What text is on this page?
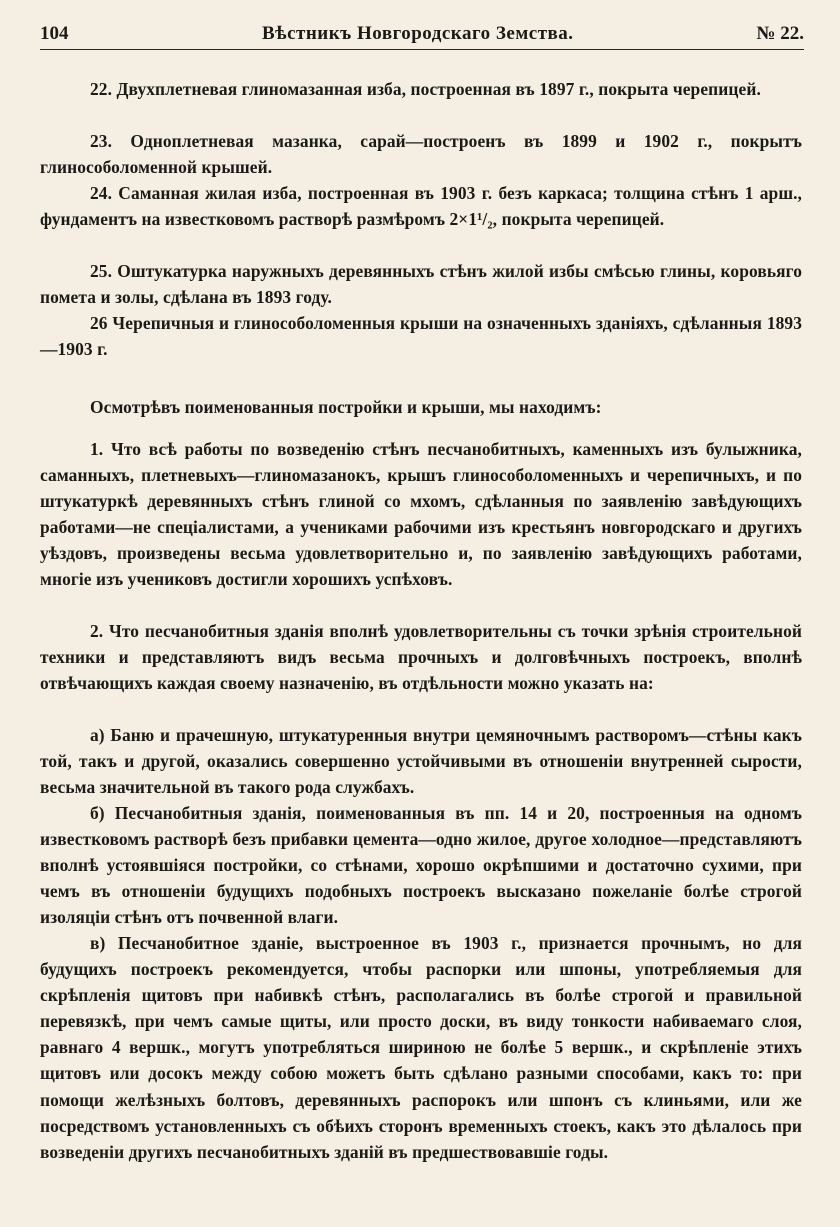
104	Вѣстникъ Новгородскаго Земства.	№ 22.
22. Двухплетневая глиномазанная изба, построенная въ 1897 г., покрыта черепицей.
23. Одноплетневая мазанка, сарай—построенъ въ 1899 и 1902 г., покрытъ глинособоломенной крышей.
24. Саманная жилая изба, построенная въ 1903 г. безъ каркаса; толщина стѣнъ 1 арш., фундаментъ на известковомъ растворѣ размѣромъ 2×1¹/₂, покрыта черепицей.
25. Оштукатурка наружныхъ деревянныхъ стѣнъ жилой избы смѣсью глины, коровьяго помета и золы, сдѣлана въ 1893 году.
26 Черепичныя и глинособоломенныя крыши на означенныхъ зданіяхъ, сдѣланныя 1893—1903 г.
Осмотрѣвъ поименованныя постройки и крыши, мы находимъ:
1. Что всѣ работы по возведенію стѣнъ песчанобитныхъ, каменныхъ изъ булыжника, саманныхъ, плетневыхъ—глиномазанокъ, крышъ глинособоломенныхъ и черепичныхъ, и по штукатуркѣ деревянныхъ стѣнъ глиной со мхомъ, сдѣланныя по заявленію завѣдующихъ работами—не спеціалистами, а учениками рабочими изъ крестьянъ новгородскаго и другихъ уѣздовъ, произведены весьма удовлетворительно и, по заявленію завѣдующихъ работами, многіе изъ учениковъ достигли хорошихъ успѣховъ.
2. Что песчанобитныя зданія вполнѣ удовлетворительны съ точки зрѣнія строительной техники и представляютъ видъ весьма прочныхъ и долговѣчныхъ построекъ, вполнѣ отвѣчающихъ каждая своему назначенію, въ отдѣльности можно указать на:
а) Баню и прачешную, штукатуренныя внутри цемяночнымъ растворомъ—стѣны какъ той, такъ и другой, оказались совершенно устойчивыми въ отношеніи внутренней сырости, весьма значительной въ такого рода службахъ.
б) Песчанобитныя зданія, поименованныя въ пп. 14 и 20, построенныя на одномъ известковомъ растворѣ безъ прибавки цемента—одно жилое, другое холодное—представляютъ вполнѣ устоявшіяся постройки, со стѣнами, хорошо окрѣпшими и достаточно сухими, при чемъ въ отношеніи будущихъ подобныхъ построекъ высказано пожеланіе болѣе строгой изоляціи стѣнъ отъ почвенной влаги.
в) Песчанобитное зданіе, выстроенное въ 1903 г., признается прочнымъ, но для будущихъ построекъ рекомендуется, чтобы распорки или шпоны, употребляемыя для скрѣпленія щитовъ при набивкѣ стѣнъ, располагались въ болѣе строгой и правильной перевязкѣ, при чемъ самые щиты, или просто доски, въ виду тонкости набиваемаго слоя, равнаго 4 вершк., могутъ употребляться шириною не болѣе 5 вершк., и скрѣпленіе этихъ щитовъ или досокъ между собою можетъ быть сдѣлано разными способами, какъ то: при помощи желѣзныхъ болтовъ, деревянныхъ распорокъ или шпонъ съ клиньями, или же посредствомъ установленныхъ съ обѣихъ сторонъ временныхъ стоекъ, какъ это дѣлалось при возведеніи другихъ песчанобитныхъ зданій въ предшествовавшіе годы.
